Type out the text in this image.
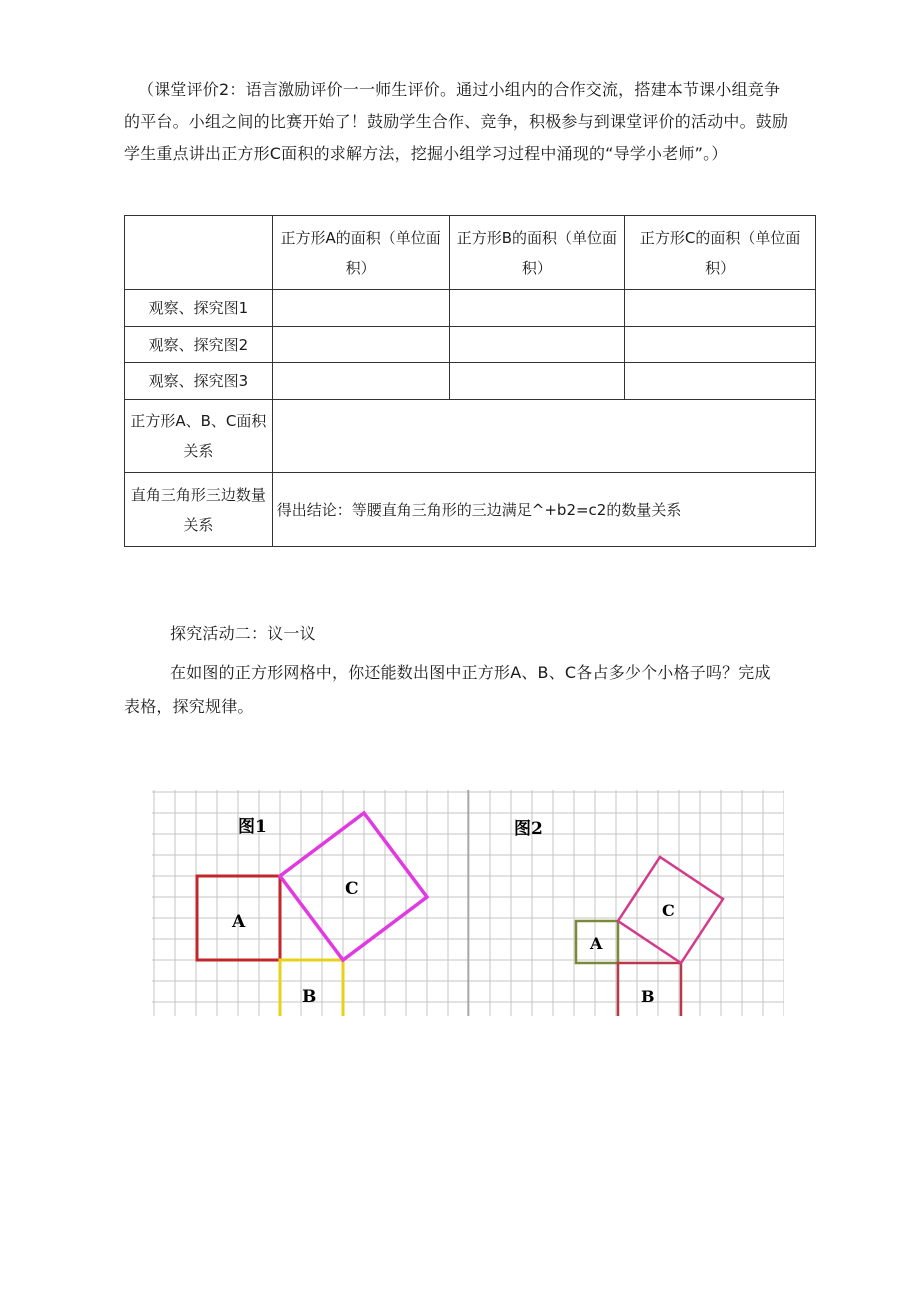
（课堂评价2：语言激励评价一一师生评价。通过小组内的合作交流，搭建本节课小组竞争

的平台。小组之间的比赛开始了！鼓励学生合作、竞争，积极参与到课堂评价的活动中。鼓励

学生重点讲出正方形C面积的求解方法，挖掘小组学习过程中涌现的“导学小老师”。）

	正方形A的面积（单位面积）	正方形B的面积（单位面积）	正方形C的面积（单位面积）
观察、探究图1			
观察、探究图2			
观察、探究图3			
正方形A、B、C面积关系			
直角三角形三边数量关系	得出结论：等腰直角三角形的三边满足^+b2=c2的数量关系		
探究活动二：议一议

在如图的正方形网格中，你还能数出图中正方形A、B、C各占多少个小格子吗？完成

表格，探究规律。

图1	图2
A
B
C
A
B
C
